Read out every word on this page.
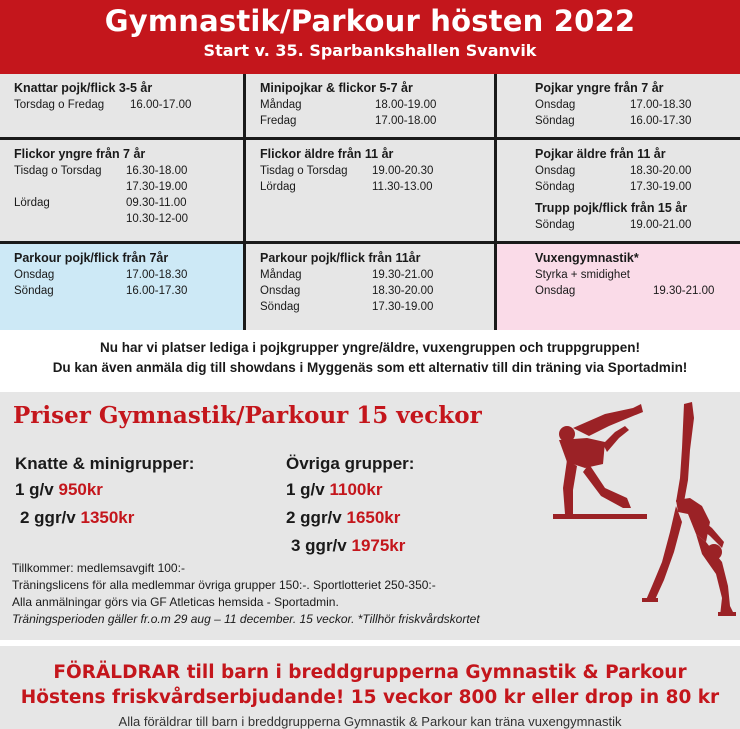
Gymnastik/Parkour hösten 2022
Start v. 35. Sparbankshallen Svanvik
Knattar pojk/flick 3-5 år
Torsdag o Fredag 16.00-17.00
Minipojkar & flickor 5-7 år
Måndag	18.00-19.00
Fredag	17.00-18.00
Pojkar yngre från 7 år
Onsdag	17.00-18.30
Söndag	16.00-17.30
Flickor yngre från 7 år
Tisdag o Torsdag 16.30-18.00
17.30-19.00
Lördag	09.30-11.00
10.30-12-00
Flickor äldre från 11 år
Tisdag o Torsdag 19.00-20.30
Lördag	11.30-13.00
Pojkar äldre från 11 år
Onsdag	18.30-20.00
Söndag	17.30-19.00
Trupp pojk/flick från 15 år
Söndag	19.00-21.00
Parkour pojk/flick från 7år
Onsdag	17.00-18.30
Söndag	16.00-17.30
Parkour pojk/flick från 11år
Måndag	19.30-21.00
Onsdag	18.30-20.00
Söndag	17.30-19.00
Vuxengymnastik*
Styrka + smidighet
Onsdag	19.30-21.00
Nu har vi platser lediga i pojkgrupper yngre/äldre, vuxengruppen och truppgruppen!
Du kan även anmäla dig till showdans i Myggenäs som ett alternativ till din träning via Sportadmin!
Priser Gymnastik/Parkour 15 veckor
Knatte & minigrupper:
1 g/v 950kr
2 ggr/v 1350kr
Övriga grupper:
1 g/v 1100kr
2 ggr/v 1650kr
3 ggr/v 1975kr
Tillkommer: medlemsavgift 100:-
Träningslicens för alla medlemmar övriga grupper 150:-. Sportlotteriet 250-350:-
Alla anmälningar görs via GF Atleticas hemsida - Sportadmin.
Träningsperioden gäller fr.o.m 29 aug – 11 december. 15 veckor. *Tillhör friskvårdskortet
FÖRÄLDRAR till barn i breddgrupperna Gymnastik & Parkour
Höstens friskvårdserbjudande! 15 veckor 800 kr eller drop in 80 kr
Alla föräldrar till barn i breddgrupperna Gymnastik & Parkour kan träna vuxengymnastik
